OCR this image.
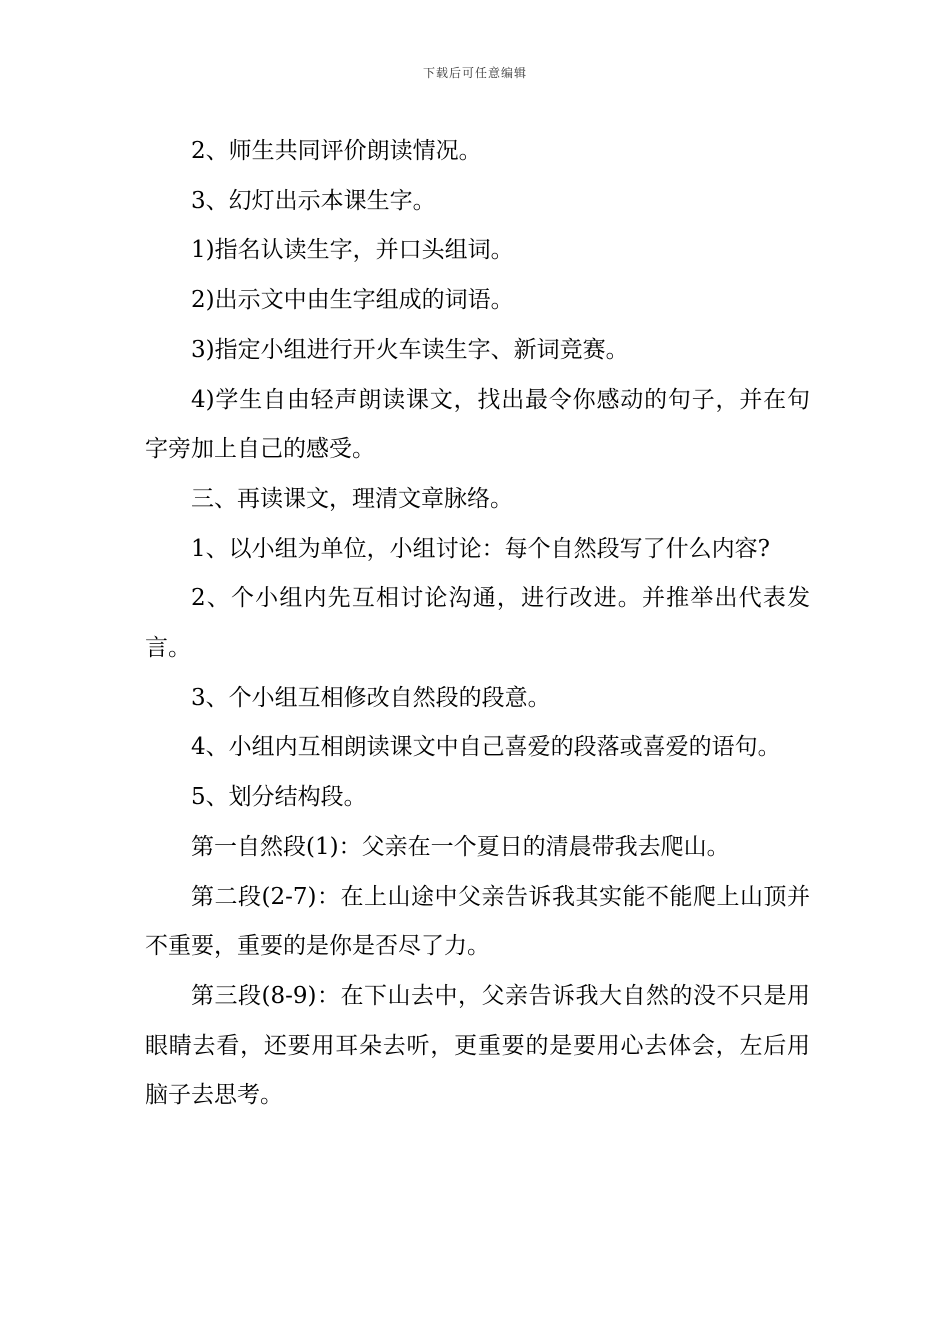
下载后可任意编辑

2、师生共同评价朗读情况。

3、幻灯出示本课生字。

1)指名认读生字，并口头组词。

2)出示文中由生字组成的词语。

3)指定小组进行开火车读生字、新词竞赛。

4)学生自由轻声朗读课文，找出最令你感动的句子，并在句字旁加上自己的感受。

三、再读课文，理清文章脉络。

1、以小组为单位，小组讨论：每个自然段写了什么内容?

2、个小组内先互相讨论沟通，进行改进。并推举出代表发言。

3、个小组互相修改自然段的段意。

4、小组内互相朗读课文中自己喜爱的段落或喜爱的语句。

5、划分结构段。

第一自然段(1)：父亲在一个夏日的清晨带我去爬山。

第二段(2-7)：在上山途中父亲告诉我其实能不能爬上山顶并不重要，重要的是你是否尽了力。

第三段(8-9)：在下山去中，父亲告诉我大自然的没不只是用眼睛去看，还要用耳朵去听，更重要的是要用心去体会，左后用脑子去思考。
